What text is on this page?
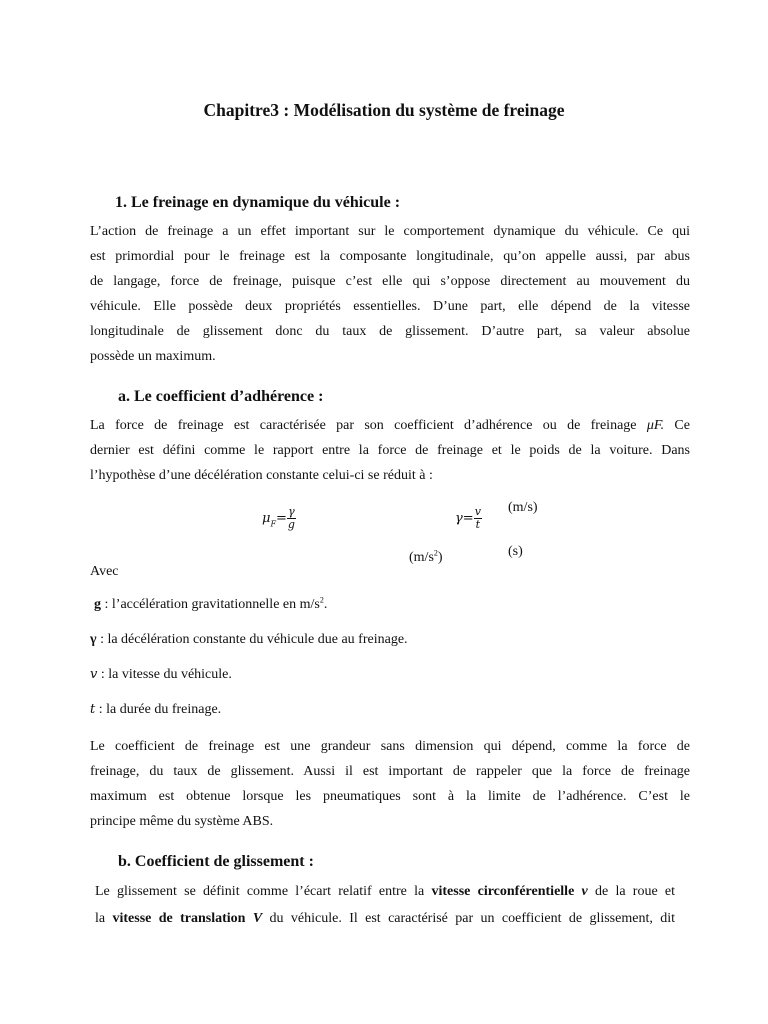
Chapitre3 : Modélisation du système de freinage
1. Le freinage en dynamique du véhicule :
L’action de freinage a un effet important sur le comportement dynamique du véhicule. Ce qui
est primordial pour le freinage est la composante longitudinale, qu’on appelle aussi, par abus
de langage, force de freinage, puisque c’est elle qui s’oppose directement au mouvement du
véhicule. Elle possède deux propriétés essentielles. D’une part, elle dépend de la vitesse
longitudinale de glissement donc du taux de glissement. D’autre part, sa valeur absolue
possède un maximum.
a. Le coefficient d’adhérence :
La force de freinage est caractérisée par son coefficient d’adhérence ou de freinage μF. Ce
dernier est défini comme le rapport entre la force de freinage et le poids de la voiture. Dans
l’hypothèse d’une décélération constante celui-ci se réduit à :
$\mu_F= \frac{\gamma}{g}$	$\gamma= \frac{v}{t} (m/s)$
(s)
$(m/s^2)$
Avec
g : l’accélération gravitationnelle en $m/s^2$.
γ : la décélération constante du véhicule due au freinage.
v : la vitesse du véhicule.
t : la durée du freinage.
Le coefficient de freinage est une grandeur sans dimension qui dépend, comme la force de
freinage, du taux de glissement. Aussi il est important de rappeler que la force de freinage
maximum est obtenue lorsque les pneumatiques sont à la limite de l’adhérence. C’est le
principe même du système ABS.
b. Coefficient de glissement :
Le glissement se définit comme l’écart relatif entre la vitesse circonférentielle v de la roue et
la vitesse de translation V du véhicule. Il est caractérisé par un coefficient de glissement, dit
